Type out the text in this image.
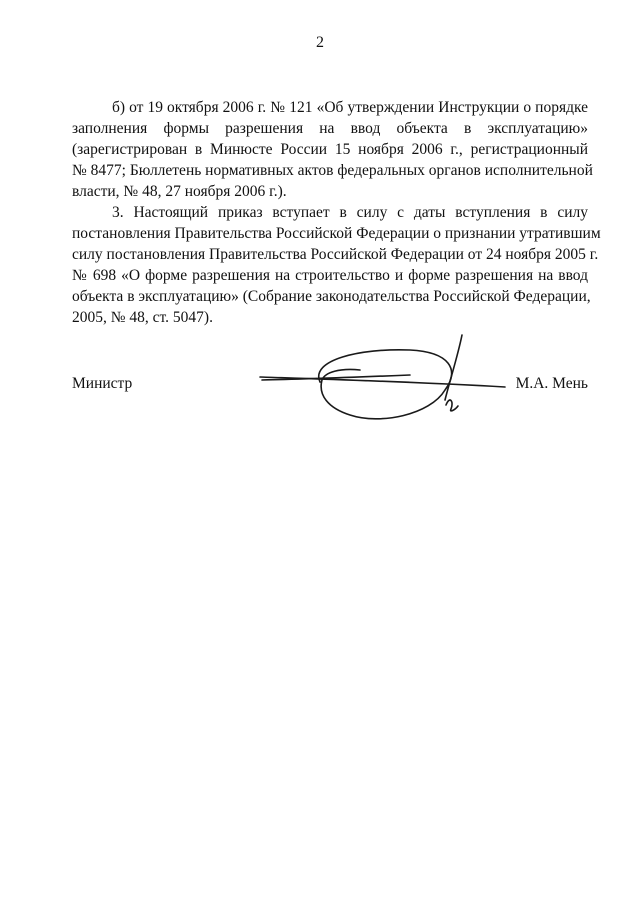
2
б) от 19 октября 2006 г. № 121 «Об утверждении Инструкции о порядке
заполнения формы разрешения на ввод объекта в эксплуатацию»
(зарегистрирован в Минюсте России 15 ноября 2006 г., регистрационный
№ 8477; Бюллетень нормативных актов федеральных органов исполнительной
власти, № 48, 27 ноября 2006 г.).
3. Настоящий приказ вступает в силу с даты вступления в силу
постановления Правительства Российской Федерации о признании утратившим
силу постановления Правительства Российской Федерации от 24 ноября 2005 г.
№ 698 «О форме разрешения на строительство и форме разрешения на ввод
объекта в эксплуатацию» (Собрание законодательства Российской Федерации,
2005, № 48, ст. 5047).
Министр	М.А. Мень
